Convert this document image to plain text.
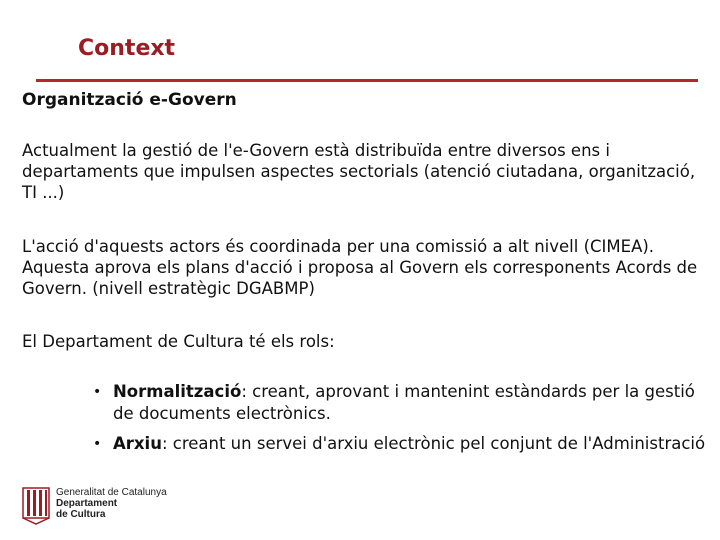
Context
Organització e-Govern

Actualment la gestió de l'e-Govern està distribuïda entre diversos ens i departaments que impulsen aspectes sectorials (atenció ciutadana, organització, TI ...)

L'acció d'aquests actors és coordinada per una comissió a alt nivell (CIMEA). Aquesta aprova els plans d'acció i proposa al Govern els corresponents Acords de Govern. (nivell estratègic DGABMP)

El Departament de Cultura té els rols:

• Normalització: creant, aprovant i mantenint estàndards per la gestió de documents electrònics.
• Arxiu: creant un servei d'arxiu electrònic pel conjunt de l'Administració
Generalitat de Catalunya
Departament
de Cultura
